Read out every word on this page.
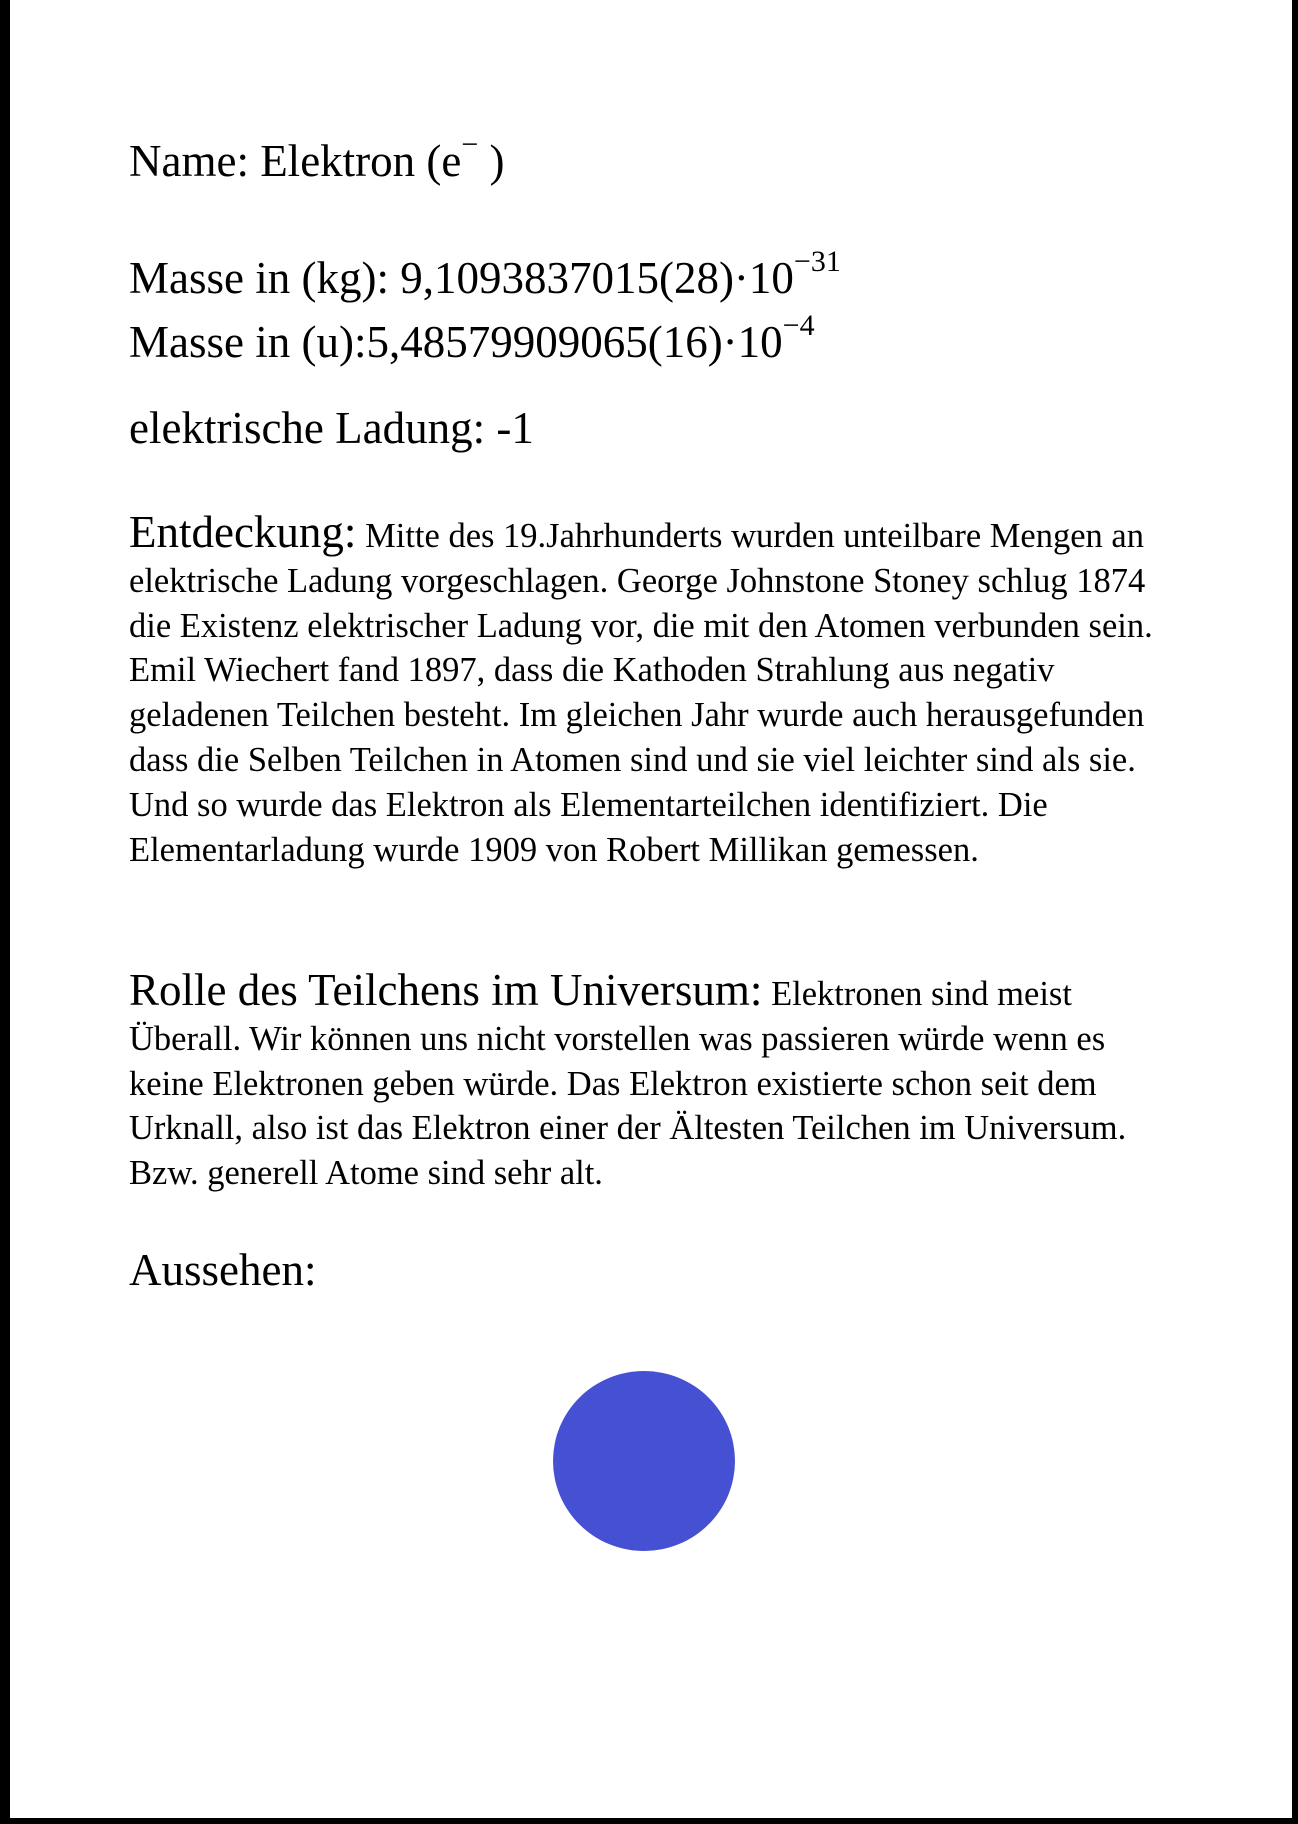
Name: Elektron (e− )
Masse in (kg): $9,1093837015(28)\cdot 10^{-31}$
Masse in $(u):5,48579909065(16)\cdot 10^{-4}$
elektrische Ladung: -1

Entdeckung: Mitte des 19.Jahrhunderts wurden unteilbare Mengen an elektrische Ladung vorgeschlagen. George Johnstone Stoney schlug 1874 die Existenz elektrischer Ladung vor, die mit den Atomen verbunden sein. Emil Wiechert fand 1897, dass die Kathoden Strahlung aus negativ geladenen Teilchen besteht. Im gleichen Jahr wurde auch herausgefunden dass die Selben Teilchen in Atomen sind und sie viel leichter sind als sie. Und so wurde das Elektron als Elementarteilchen identifiziert. Die Elementarladung wurde 1909 von Robert Millikan gemessen.

Rolle des Teilchens im Universum: Elektronen sind meist Überall. Wir können uns nicht vorstellen was passieren würde wenn es keine Elektronen geben würde. Das Elektron existierte schon seit dem Urknall, also ist das Elektron einer der Ältesten Teilchen im Universum. Bzw. generell Atome sind sehr alt.

Aussehen:
